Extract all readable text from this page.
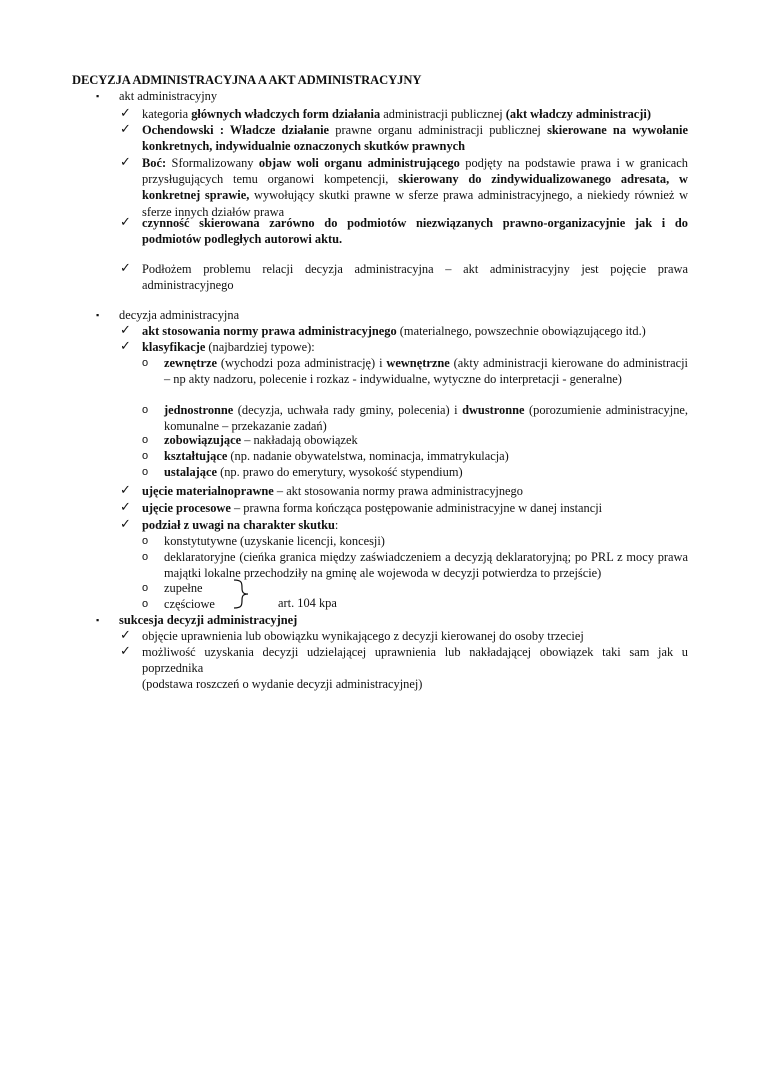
DECYZJA ADMINISTRACYJNA A AKT ADMINISTRACYJNY
▪ akt administracyjny
✓ kategoria głównych władczych form działania administracji publicznej (akt władczy administracji)
✓ Ochendowski : Władcze działanie prawne organu administracji publicznej skierowane na wywołanie konkretnych, indywidualnie oznaczonych skutków prawnych
✓ Boć: Sformalizowany objaw woli organu administrującego podjęty na podstawie prawa i w granicach przysługujących temu organowi kompetencji, skierowany do zindywidualizowanego adresata, w konkretnej sprawie, wywołujący skutki prawne w sferze prawa administracyjnego, a niekiedy również w sferze innych działów prawa
✓ czynność skierowana zarówno do podmiotów niezwiązanych prawno-organizacyjnie jak i do podmiotów podległych autorowi aktu.
✓ Podłożem problemu relacji decyzja administracyjna – akt administracyjny jest pojęcie prawa administracyjnego
▪ decyzja administracyjna
✓ akt stosowania normy prawa administracyjnego (materialnego, powszechnie obowiązującego itd.)
✓ klasyfikacje (najbardziej typowe):
o zewnętrze (wychodzi poza administrację) i wewnętrzne (akty administracji kierowane do administracji – np akty nadzoru, polecenie i rozkaz - indywidualne, wytyczne do interpretacji - generalne)
o jednostronne (decyzja, uchwała rady gminy, polecenia) i dwustronne (porozumienie administracyjne, komunalne – przekazanie zadań)
o zobowiązujące – nakładają obowiązek
o kształtujące (np. nadanie obywatelstwa, nominacja, immatrykulacja)
o ustalające (np. prawo do emerytury, wysokość stypendium)
✓ ujęcie materialnoprawne – akt stosowania normy prawa administracyjnego
✓ ujęcie procesowe – prawna forma kończąca postępowanie administracyjne w danej instancji
✓ podział z uwagi na charakter skutku:
o konstytutywne (uzyskanie licencji, koncesji)
o deklaratoryjne (cieńka granica między zaświadczeniem a decyzją deklaratoryjną; po PRL z mocy prawa majątki lokalne przechodziły na gminę ale wojewoda w decyzji potwierdza to przejście)
o zupełne
o częściowe	art. 104 kpa
▪ sukcesja decyzji administracyjnej
✓ objęcie uprawnienia lub obowiązku wynikającego z decyzji kierowanej do osoby trzeciej
✓ możliwość uzyskania decyzji udzielającej uprawnienia lub nakładającej obowiązek taki sam jak u poprzednika
(podstawa roszczeń o wydanie decyzji administracyjnej)
